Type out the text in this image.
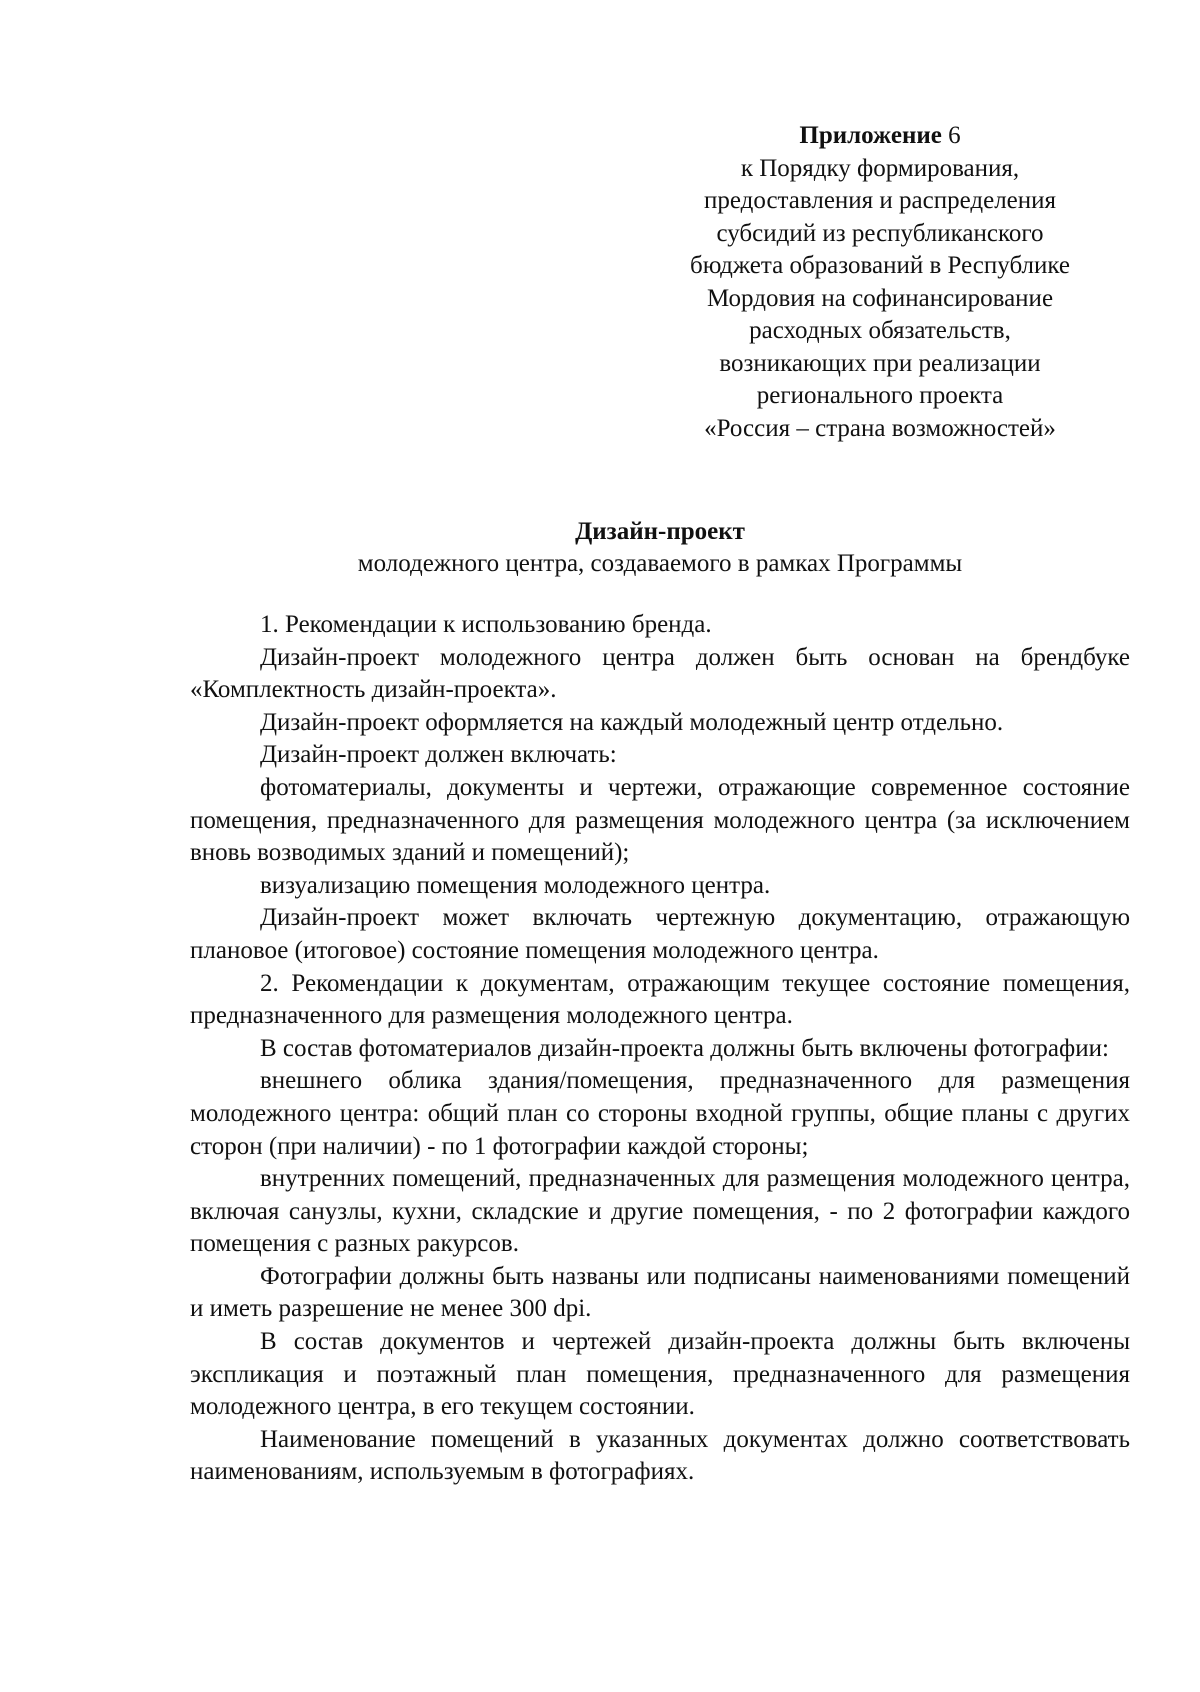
Приложение 6
к Порядку формирования,
предоставления и распределения
субсидий из республиканского
бюджета образований в Республике
Мордовия на софинансирование
расходных обязательств,
возникающих при реализации
регионального проекта
«Россия – страна возможностей»
Дизайн-проект
молодежного центра, создаваемого в рамках Программы

1. Рекомендации к использованию бренда.

Дизайн-проект молодежного центра должен быть основан на брендбуке «Комплектность дизайн-проекта».

Дизайн-проект оформляется на каждый молодежный центр отдельно.

Дизайн-проект должен включать:

фотоматериалы, документы и чертежи, отражающие современное состояние помещения, предназначенного для размещения молодежного центра (за исключением вновь возводимых зданий и помещений);

визуализацию помещения молодежного центра.

Дизайн-проект может включать чертежную документацию, отражающую плановое (итоговое) состояние помещения молодежного центра.

2. Рекомендации к документам, отражающим текущее состояние помещения, предназначенного для размещения молодежного центра.

В состав фотоматериалов дизайн-проекта должны быть включены фотографии:

внешнего облика здания/помещения, предназначенного для размещения молодежного центра: общий план со стороны входной группы, общие планы с других сторон (при наличии) - по 1 фотографии каждой стороны;

внутренних помещений, предназначенных для размещения молодежного центра, включая санузлы, кухни, складские и другие помещения, - по 2 фотографии каждого помещения с разных ракурсов.

Фотографии должны быть названы или подписаны наименованиями помещений и иметь разрешение не менее 300 dpi.

В состав документов и чертежей дизайн-проекта должны быть включены экспликация и поэтажный план помещения, предназначенного для размещения молодежного центра, в его текущем состоянии.

Наименование помещений в указанных документах должно соответствовать наименованиям, используемым в фотографиях.
